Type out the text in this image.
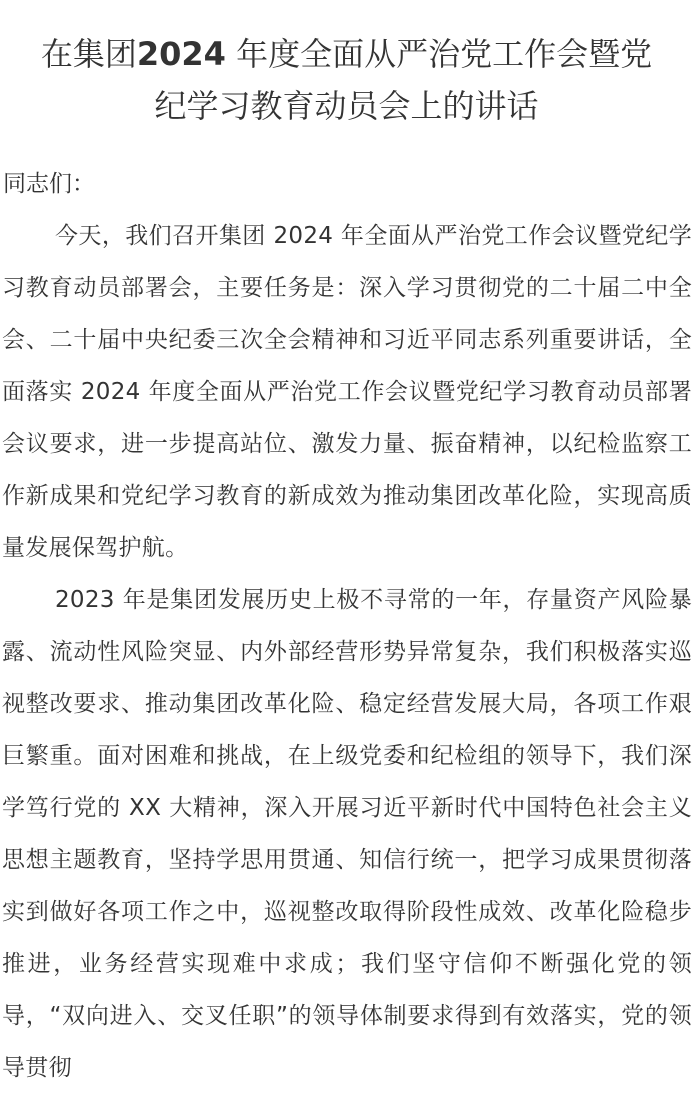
在集团2024 年度全面从严治党工作会暨党
纪学习教育动员会上的讲话

同志们：

今天，我们召开集团 2024 年全面从严治党工作会议暨党纪学习教育动员部署会，主要任务是：深入学习贯彻党的二十届二中全会、二十届中央纪委三次全会精神和习近平同志系列重要讲话，全面落实 2024 年度全面从严治党工作会议暨党纪学习教育动员部署会议要求，进一步提高站位、激发力量、振奋精神，以纪检监察工作新成果和党纪学习教育的新成效为推动集团改革化险，实现高质量发展保驾护航。

2023 年是集团发展历史上极不寻常的一年，存量资产风险暴露、流动性风险突显、内外部经营形势异常复杂，我们积极落实巡视整改要求、推动集团改革化险、稳定经营发展大局，各项工作艰巨繁重。面对困难和挑战，在上级党委和纪检组的领导下，我们深学笃行党的 XX 大精神，深入开展习近平新时代中国特色社会主义思想主题教育，坚持学思用贯通、知信行统一，把学习成果贯彻落实到做好各项工作之中，巡视整改取得阶段性成效、改革化险稳步推进，业务经营实现难中求成；我们坚守信仰不断强化党的领导，“双向进入、交叉任职”的领导体制要求得到有效落实，党的领导贯彻
